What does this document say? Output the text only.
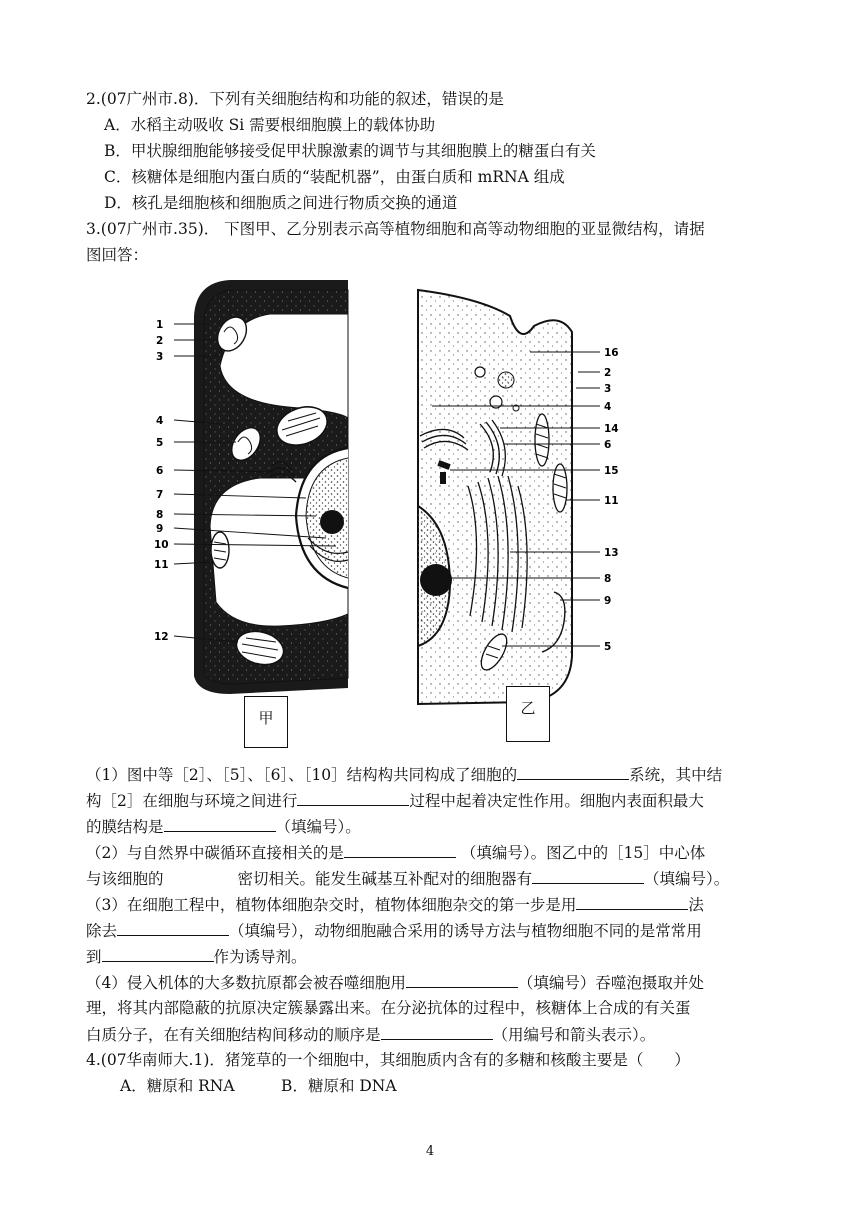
2.(07广州市.8)．下列有关细胞结构和功能的叙述，错误的是
A．水稻主动吸收 Si 需要根细胞膜上的载体协助
B．甲状腺细胞能够接受促甲状腺激素的调节与其细胞膜上的糖蛋白有关
C．核糖体是细胞内蛋白质的“装配机器”，由蛋白质和 mRNA 组成
D．核孔是细胞核和细胞质之间进行物质交换的通道
3.(07广州市.35)． 下图甲、乙分别表示高等植物细胞和高等动物细胞的亚显微结构，请据
图回答：
1
2
3
4
5
6
7
8
9
10
11
12
16
2
3
4
14
6
15
11
13
8
9
5
甲
乙
（1）图中等［2］、［5］、［6］、［10］结构构共同构成了细胞的	系统，其中结
构［2］在细胞与环境之间进行	过程中起着决定性作用。细胞内表面积最大
的膜结构是	（填编号）。
（2）与自然界中碳循环直接相关的是	（填编号）。图乙中的［15］中心体
与该细胞的	密切相关。能发生碱基互补配对的细胞器有	（填编号）。
（3）在细胞工程中，植物体细胞杂交时，植物体细胞杂交的第一步是用	法
除去	（填编号），动物细胞融合采用的诱导方法与植物细胞不同的是常常用
到	作为诱导剂。
（4）侵入机体的大多数抗原都会被吞噬细胞用	（填编号）吞噬泡摄取并处
理，将其内部隐蔽的抗原决定簇暴露出来。在分泌抗体的过程中，核糖体上合成的有关蛋
白质分子，在有关细胞结构间移动的顺序是	（用编号和箭头表示）。
4.(07华南师大.1)．猪笼草的一个细胞中，其细胞质内含有的多糖和核酸主要是（　　）
A．糖原和 RNA　　　B．糖原和 DNA
4
